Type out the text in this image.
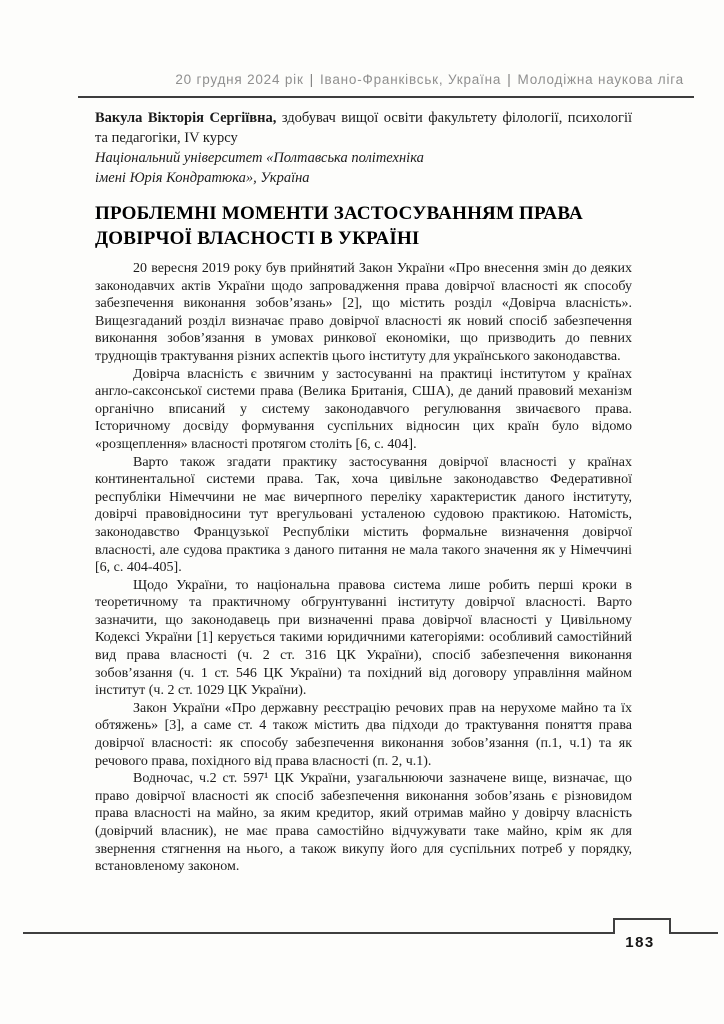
20 грудня 2024 рік | Івано-Франківськ, Україна | Молодіжна наукова ліга

Вакула Вікторія Сергіївна, здобувач вищої освіти факультету філології, психології та педагогіки, IV курсу

Національний університет «Полтавська політехніка
імені Юрія Кондратюка», Україна
ПРОБЛЕМНІ МОМЕНТИ ЗАСТОСУВАННЯМ ПРАВА
ДОВІРЧОЇ ВЛАСНОСТІ В УКРАЇНІ

20 вересня 2019 року був прийнятий Закон України «Про внесення змін до деяких законодавчих актів України щодо запровадження права довірчої власності як способу забезпечення виконання зобов’язань» [2], що містить розділ «Довірча власність». Вищезгаданий розділ визначає право довірчої власності як новий спосіб забезпечення виконання зобов’язання в умовах ринкової економіки, що призводить до певних труднощів трактування різних аспектів цього інституту для українського законодавства.

Довірча власність є звичним у застосуванні на практиці інститутом у країнах англо-саксонської системи права (Велика Британія, США), де даний правовий механізм органічно вписаний у систему законодавчого регулювання звичаєвого права. Історичному досвіду формування суспільних відносин цих країн було відомо «розщеплення» власності протягом століть [6, с. 404].

Варто також згадати практику застосування довірчої власності у країнах континентальної системи права. Так, хоча цивільне законодавство Федеративної республіки Німеччини не має вичерпного переліку характеристик даного інституту, довірчі правовідносини тут врегульовані усталеною судовою практикою. Натомість, законодавство Французької Республіки містить формальне визначення довірчої власності, але судова практика з даного питання не мала такого значення як у Німеччині [6, с. 404-405].

Щодо України, то національна правова система лише робить перші кроки в теоретичному та практичному обгрунтуванні інституту довірчої власності. Варто зазначити, що законодавець при визначенні права довірчої власності у Цивільному Кодексі України [1] керується такими юридичними категоріями: особливий самостійний вид права власності (ч. 2 ст. 316 ЦК України), спосіб забезпечення виконання зобов’язання (ч. 1 ст. 546 ЦК України) та похідний від договору управління майном інститут (ч. 2 ст. 1029 ЦК України).

Закон України «Про державну реєстрацію речових прав на нерухоме майно та їх обтяжень» [3], а саме ст. 4 також містить два підходи до трактування поняття права довірчої власності: як способу забезпечення виконання зобов’язання (п.1, ч.1) та як речового права, похідного від права власності (п. 2, ч.1).

Водночас, ч.2 ст. 597¹ ЦК України, узагальнюючи зазначене вище, визначає, що право довірчої власності як спосіб забезпечення виконання зобов’язань є різновидом права власності на майно, за яким кредитор, який отримав майно у довірчу власність (довірчий власник), не має права самостійно відчужувати таке майно, крім як для звернення стягнення на нього, а також викупу його для суспільних потреб у порядку, встановленому законом.

183
